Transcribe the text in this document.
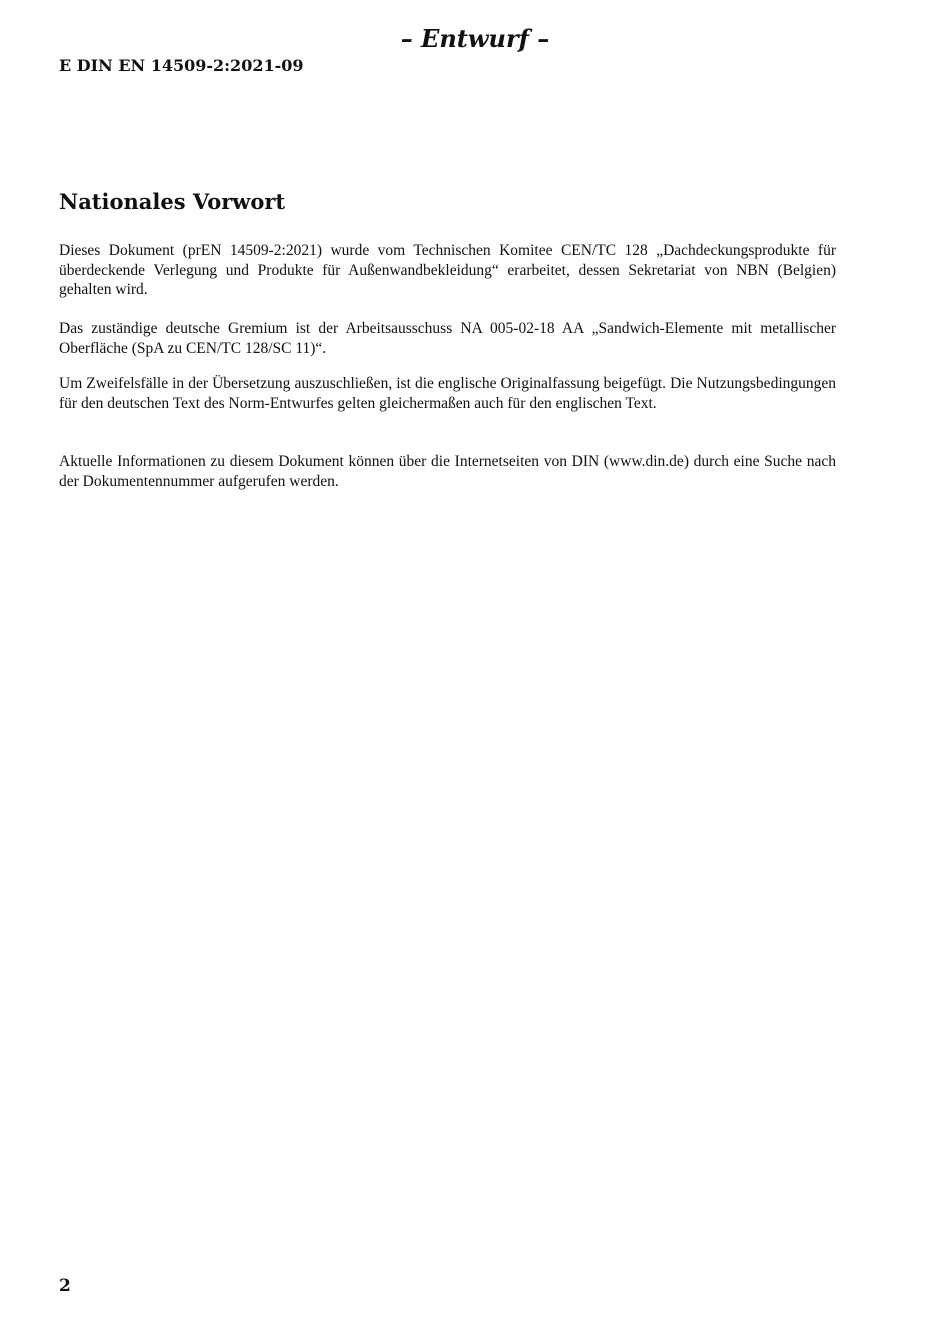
– Entwurf –
E DIN EN 14509-2:2021-09
Nationales Vorwort

Dieses Dokument (prEN 14509-2:2021) wurde vom Technischen Komitee CEN/TC 128 „Dachdeckungsprodukte für überdeckende Verlegung und Produkte für Außenwandbekleidung“ erarbeitet, dessen Sekretariat von NBN (Belgien) gehalten wird.

Das zuständige deutsche Gremium ist der Arbeitsausschuss NA 005-02-18 AA „Sandwich-Elemente mit metallischer Oberfläche (SpA zu CEN/TC 128/SC 11)“.

Um Zweifelsfälle in der Übersetzung auszuschließen, ist die englische Originalfassung beigefügt. Die Nutzungsbedingungen für den deutschen Text des Norm-Entwurfes gelten gleichermaßen auch für den englischen Text.

Aktuelle Informationen zu diesem Dokument können über die Internetseiten von DIN (www.din.de) durch eine Suche nach der Dokumentennummer aufgerufen werden.

2
